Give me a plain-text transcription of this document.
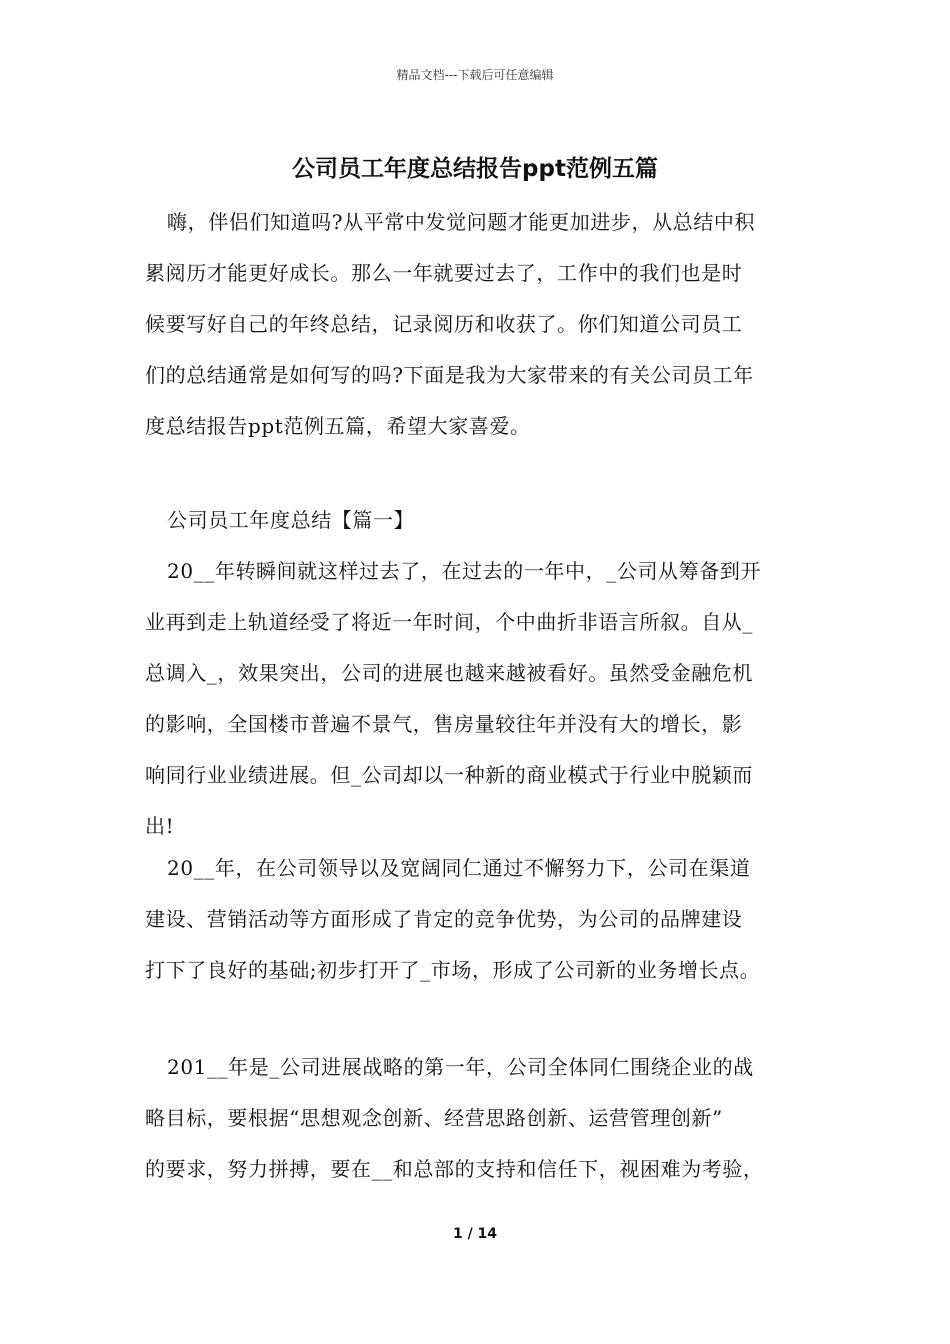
精品文档---下载后可任意编辑
公司员工年度总结报告ppt范例五篇

嗨，伴侣们知道吗?从平常中发觉问题才能更加进步，从总结中积
累阅历才能更好成长。那么一年就要过去了，工作中的我们也是时
候要写好自己的年终总结，记录阅历和收获了。你们知道公司员工
们的总结通常是如何写的吗?下面是我为大家带来的有关公司员工年
度总结报告ppt范例五篇，希望大家喜爱。

公司员工年度总结【篇一】

20__年转瞬间就这样过去了，在过去的一年中，_公司从筹备到开
业再到走上轨道经受了将近一年时间，个中曲折非语言所叙。自从_
总调入_，效果突出，公司的进展也越来越被看好。虽然受金融危机
的影响，全国楼市普遍不景气，售房量较往年并没有大的增长，影
响同行业业绩进展。但_公司却以一种新的商业模式于行业中脱颖而
出!

20__年，在公司领导以及宽阔同仁通过不懈努力下，公司在渠道
建设、营销活动等方面形成了肯定的竞争优势，为公司的品牌建设
打下了良好的基础;初步打开了_市场，形成了公司新的业务增长点。

201__年是_公司进展战略的第一年，公司全体同仁围绕企业的战
略目标，要根据“思想观念创新、经营思路创新、运营管理创新”
的要求，努力拼搏，要在__和总部的支持和信任下，视困难为考验，

1 / 14
